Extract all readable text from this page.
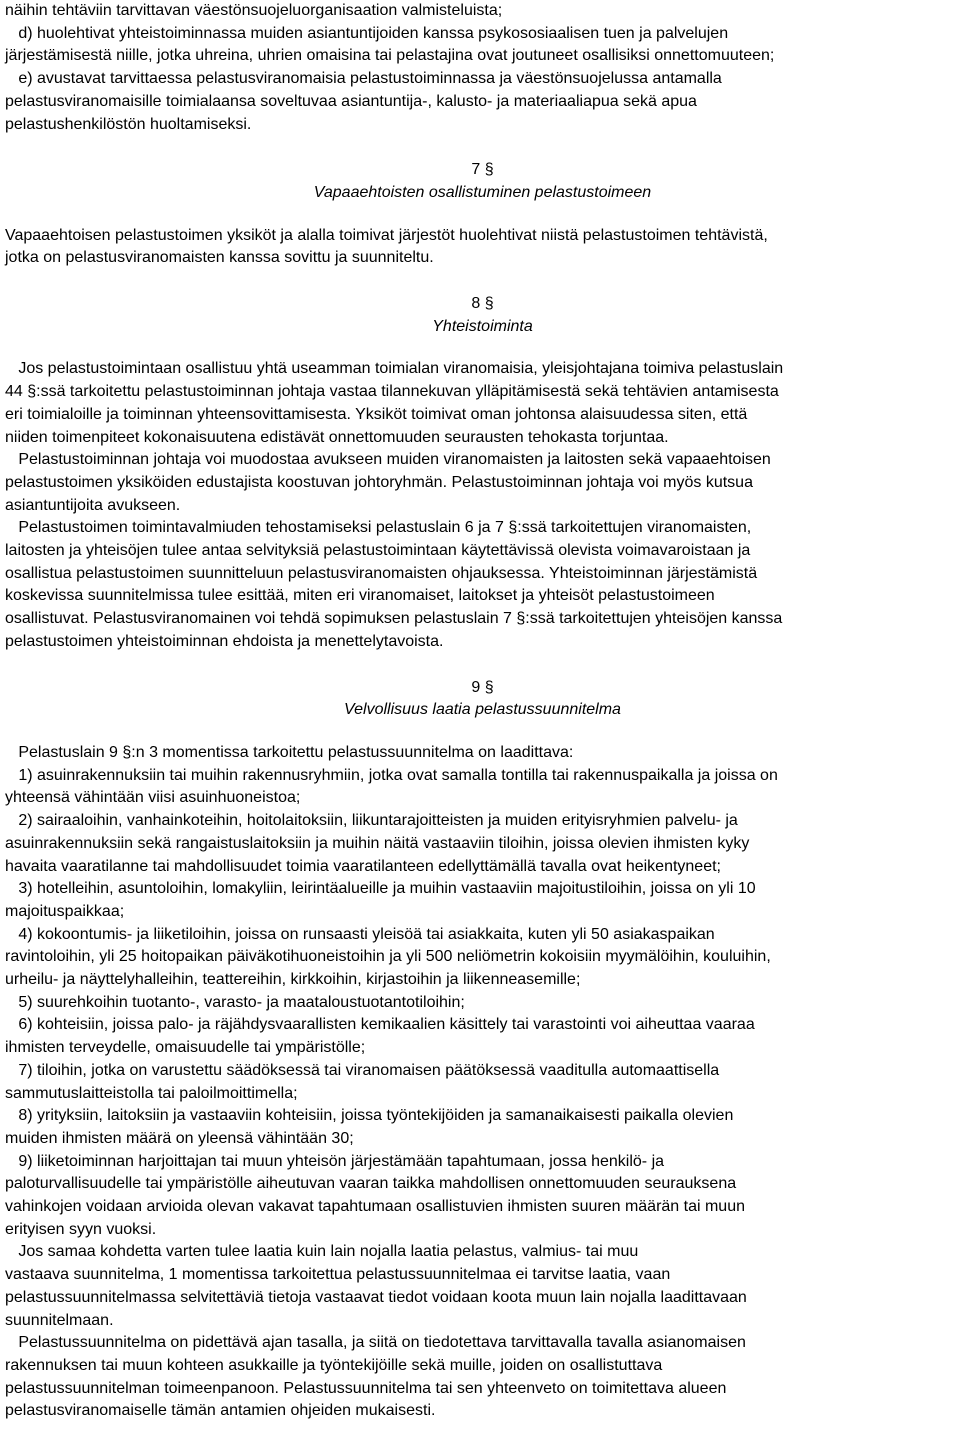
näihin tehtäviin tarvittavan väestönsuojeluorganisaation valmisteluista;
d) huolehtivat yhteistoiminnassa muiden asiantuntijoiden kanssa psykososiaalisen tuen ja palvelujen
järjestämisestä niille, jotka uhreina, uhrien omaisina tai pelastajina ovat joutuneet osallisiksi onnettomuuteen;
e) avustavat tarvittaessa pelastusviranomaisia pelastustoiminnassa ja väestönsuojelussa antamalla
pelastusviranomaisille toimialaansa soveltuvaa asiantuntija-, kalusto- ja materiaaliapua sekä apua
pelastushenkilöstön huoltamiseksi.
7 §
Vapaaehtoisten osallistuminen pelastustoimeen
Vapaaehtoisen pelastustoimen yksiköt ja alalla toimivat järjestöt huolehtivat niistä pelastustoimen tehtävistä,
jotka on pelastusviranomaisten kanssa sovittu ja suunniteltu.
8 §
Yhteistoiminta
Jos pelastustoimintaan osallistuu yhtä useamman toimialan viranomaisia, yleisjohtajana toimiva pelastuslain
44 §:ssä tarkoitettu pelastustoiminnan johtaja vastaa tilannekuvan ylläpitämisestä sekä tehtävien antamisesta
eri toimialoille ja toiminnan yhteensovittamisesta. Yksiköt toimivat oman johtonsa alaisuudessa siten, että
niiden toimenpiteet kokonaisuutena edistävät onnettomuuden seurausten tehokasta torjuntaa.
Pelastustoiminnan johtaja voi muodostaa avukseen muiden viranomaisten ja laitosten sekä vapaaehtoisen
pelastustoimen yksiköiden edustajista koostuvan johtoryhmän. Pelastustoiminnan johtaja voi myös kutsua
asiantuntijoita avukseen.
Pelastustoimen toimintavalmiuden tehostamiseksi pelastuslain 6 ja 7 §:ssä tarkoitettujen viranomaisten,
laitosten ja yhteisöjen tulee antaa selvityksiä pelastustoimintaan käytettävissä olevista voimavaroistaan ja
osallistua pelastustoimen suunnitteluun pelastusviranomaisten ohjauksessa. Yhteistoiminnan järjestämistä
koskevissa suunnitelmissa tulee esittää, miten eri viranomaiset, laitokset ja yhteisöt pelastustoimeen
osallistuvat. Pelastusviranomainen voi tehdä sopimuksen pelastuslain 7 §:ssä tarkoitettujen yhteisöjen kanssa
pelastustoimen yhteistoiminnan ehdoista ja menettelytavoista.
9 §
Velvollisuus laatia pelastussuunnitelma
Pelastuslain 9 §:n 3 momentissa tarkoitettu pelastussuunnitelma on laadittava:
1) asuinrakennuksiin tai muihin rakennusryhmiin, jotka ovat samalla tontilla tai rakennuspaikalla ja joissa on
yhteensä vähintään viisi asuinhuoneistoa;
2) sairaaloihin, vanhainkoteihin, hoitolaitoksiin, liikuntarajoitteisten ja muiden erityisryhmien palvelu- ja
asuinrakennuksiin sekä rangaistuslaitoksiin ja muihin näitä vastaaviin tiloihin, joissa olevien ihmisten kyky
havaita vaaratilanne tai mahdollisuudet toimia vaaratilanteen edellyttämällä tavalla ovat heikentyneet;
3) hotelleihin, asuntoloihin, lomakyliin, leirintäalueille ja muihin vastaaviin majoitustiloihin, joissa on yli 10
majoituspaikkaa;
4) kokoontumis- ja liiketiloihin, joissa on runsaasti yleisöä tai asiakkaita, kuten yli 50 asiakaspaikan
ravintoloihin, yli 25 hoitopaikan päiväkotihuoneistoihin ja yli 500 neliömetrin kokoisiin myymälöihin, kouluihin,
urheilu- ja näyttelyhalleihin, teattereihin, kirkkoihin, kirjastoihin ja liikenneasemille;
5) suurehkoihin tuotanto-, varasto- ja maataloustuotantotiloihin;
6) kohteisiin, joissa palo- ja räjähdysvaarallisten kemikaalien käsittely tai varastointi voi aiheuttaa vaaraa
ihmisten terveydelle, omaisuudelle tai ympäristölle;
7) tiloihin, jotka on varustettu säädöksessä tai viranomaisen päätöksessä vaaditulla automaattisella
sammutuslaitteistolla tai paloilmoittimella;
8) yrityksiin, laitoksiin ja vastaaviin kohteisiin, joissa työntekijöiden ja samanaikaisesti paikalla olevien
muiden ihmisten määrä on yleensä vähintään 30;
9) liiketoiminnan harjoittajan tai muun yhteisön järjestämään tapahtumaan, jossa henkilö- ja
paloturvallisuudelle tai ympäristölle aiheutuvan vaaran taikka mahdollisen onnettomuuden seurauksena
vahinkojen voidaan arvioida olevan vakavat tapahtumaan osallistuvien ihmisten suuren määrän tai muun
erityisen syyn vuoksi.
Jos samaa kohdetta varten tulee laatia kuin lain nojalla laatia pelastus, valmius- tai muu
vastaava suunnitelma, 1 momentissa tarkoitettua pelastussuunnitelmaa ei tarvitse laatia, vaan
pelastussuunnitelmassa selvitettäviä tietoja vastaavat tiedot voidaan koota muun lain nojalla laadittavaan
suunnitelmaan.
Pelastussuunnitelma on pidettävä ajan tasalla, ja siitä on tiedotettava tarvittavalla tavalla asianomaisen
rakennuksen tai muun kohteen asukkaille ja työntekijöille sekä muille, joiden on osallistuttava
pelastussuunnitelman toimeenpanoon. Pelastussuunnitelma tai sen yhteenveto on toimitettava alueen
pelastusviranomaiselle tämän antamien ohjeiden mukaisesti.
